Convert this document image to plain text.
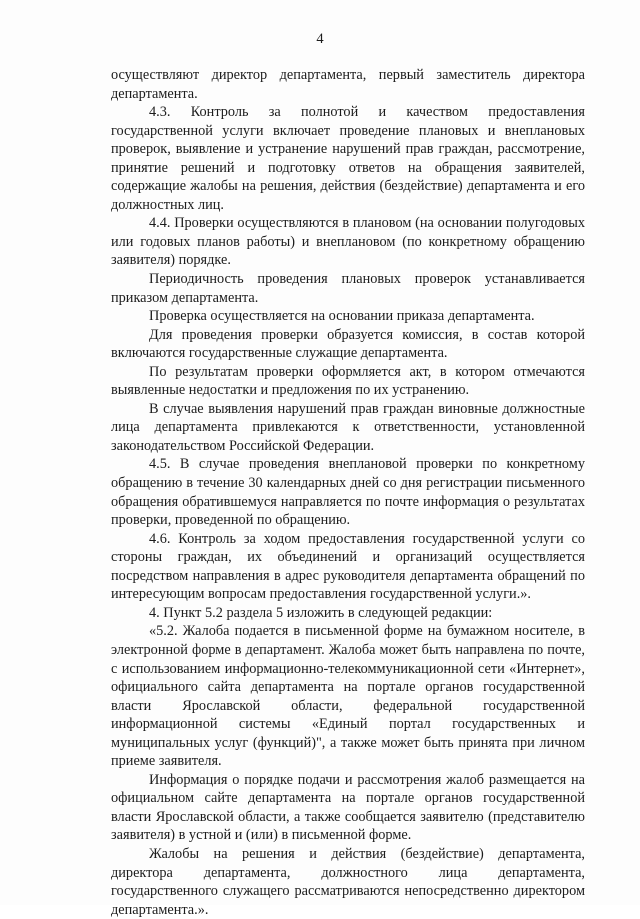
4

осуществляют директор департамента, первый заместитель директора департамента.

4.3. Контроль за полнотой и качеством предоставления государственной услуги включает проведение плановых и внеплановых проверок, выявление и устранение нарушений прав граждан, рассмотрение, принятие решений и подготовку ответов на обращения заявителей, содержащие жалобы на решения, действия (бездействие) департамента и его должностных лиц.

4.4. Проверки осуществляются в плановом (на основании полугодовых или годовых планов работы) и внеплановом (по конкретному обращению заявителя) порядке.

Периодичность проведения плановых проверок устанавливается приказом департамента.

Проверка осуществляется на основании приказа департамента.

Для проведения проверки образуется комиссия, в состав которой включаются государственные служащие департамента.

По результатам проверки оформляется акт, в котором отмечаются выявленные недостатки и предложения по их устранению.

В случае выявления нарушений прав граждан виновные должностные лица департамента привлекаются к ответственности, установленной законодательством Российской Федерации.

4.5. В случае проведения внеплановой проверки по конкретному обращению в течение 30 календарных дней со дня регистрации письменного обращения обратившемуся направляется по почте информация о результатах проверки, проведенной по обращению.

4.6. Контроль за ходом предоставления государственной услуги со стороны граждан, их объединений и организаций осуществляется посредством направления в адрес руководителя департамента обращений по интересующим вопросам предоставления государственной услуги.».

4. Пункт 5.2 раздела 5 изложить в следующей редакции:

«5.2. Жалоба подается в письменной форме на бумажном носителе, в электронной форме в департамент. Жалоба может быть направлена по почте, с использованием информационно-телекоммуникационной сети «Интернет», официального сайта департамента на портале органов государственной власти Ярославской области, федеральной государственной информационной системы «Единый портал государственных и муниципальных услуг (функций)", а также может быть принята при личном приеме заявителя.

Информация о порядке подачи и рассмотрения жалоб размещается на официальном сайте департамента на портале органов государственной власти Ярославской области, а также сообщается заявителю (представителю заявителя) в устной и (или) в письменной форме.

Жалобы на решения и действия (бездействие) департамента, директора департамента, должностного лица департамента, государственного служащего рассматриваются непосредственно директором департамента.».
